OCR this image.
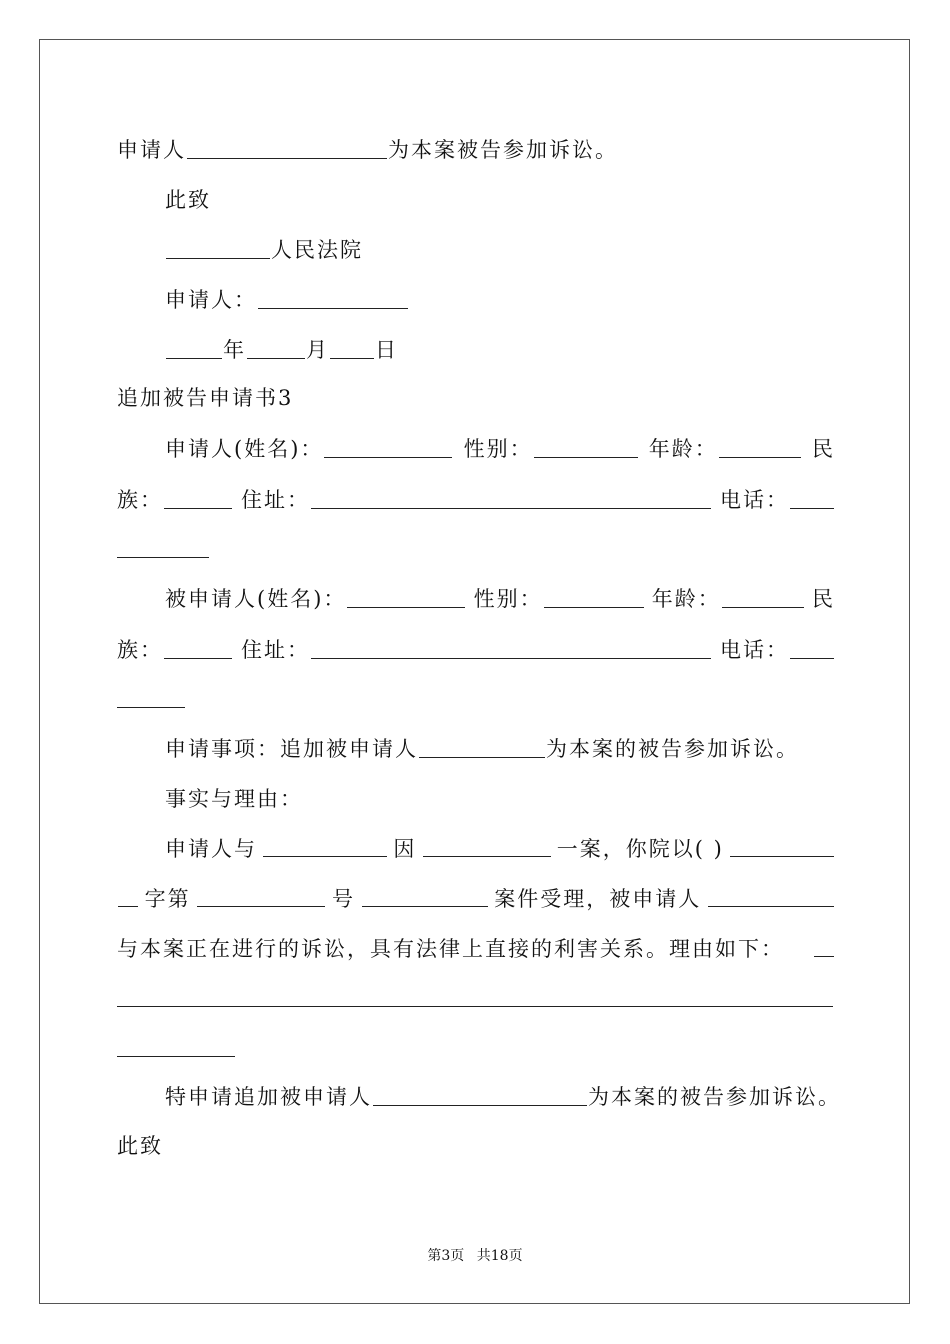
申请人	为本案被告参加诉讼。
此致
人民法院
申请人：
年	月 日
追加被告申请书3
申请人(姓名)：	性别：	年龄：	民
族：	住址：	电话：
被申请人(姓名)：	性别：	年龄：	民
族：	住址：	电话：
申请事项：追加被申请人	为本案的被告参加诉讼。
事实与理由：
申请人与	因	一案，你院以( )
字第	号	案件受理，被申请人
与本案正在进行的诉讼，具有法律上直接的利害关系。理由如下：
特申请追加被申请人	为本案的被告参加诉讼。
此致
第3页 共18页
